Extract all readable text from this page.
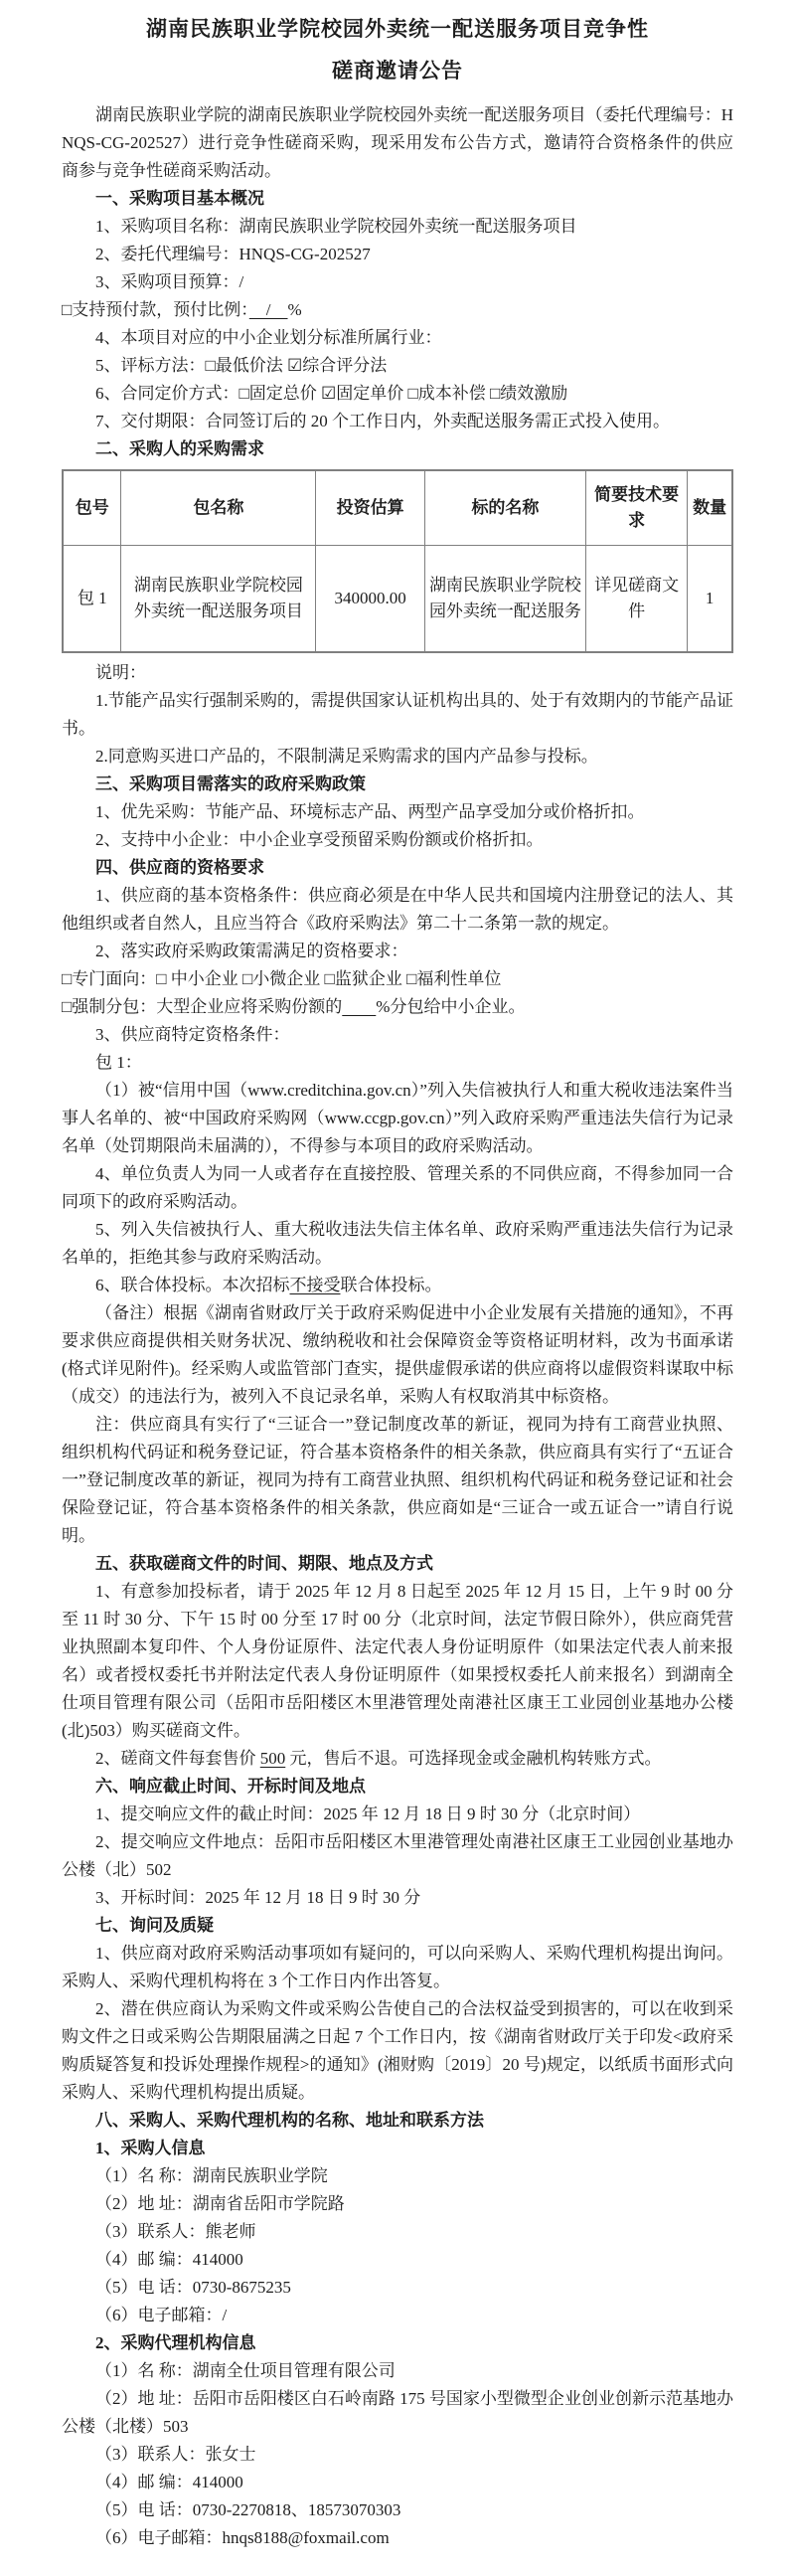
湖南民族职业学院校园外卖统一配送服务项目竞争性
磋商邀请公告

湖南民族职业学院的湖南民族职业学院校园外卖统一配送服务项目（委托代理编号：HNQS-CG-202527）进行竞争性磋商采购，现采用发布公告方式，邀请符合资格条件的供应商参与竞争性磋商采购活动。

一、采购项目基本概况

1、采购项目名称：湖南民族职业学院校园外卖统一配送服务项目

2、委托代理编号：HNQS-CG-202527

3、采购项目预算：/

□支持预付款，预付比例：　/　%

4、本项目对应的中小企业划分标准所属行业：

5、评标方法：□最低价法 ☑综合评分法

6、合同定价方式：□固定总价 ☑固定单价 □成本补偿 □绩效激励

7、交付期限：合同签订后的 20 个工作日内，外卖配送服务需正式投入使用。

二、采购人的采购需求

包号	包名称	投资估算	标的名称	简要技术要求	数量
包 1	湖南民族职业学院校园外卖统一配送服务项目	340000.00	湖南民族职业学院校园外卖统一配送服务	详见磋商文件	1

说明：

1.节能产品实行强制采购的，需提供国家认证机构出具的、处于有效期内的节能产品证书。

2.同意购买进口产品的，不限制满足采购需求的国内产品参与投标。

三、采购项目需落实的政府采购政策

1、优先采购：节能产品、环境标志产品、两型产品享受加分或价格折扣。

2、支持中小企业：中小企业享受预留采购份额或价格折扣。

四、供应商的资格要求

1、供应商的基本资格条件：供应商必须是在中华人民共和国境内注册登记的法人、其他组织或者自然人，且应当符合《政府采购法》第二十二条第一款的规定。

2、落实政府采购政策需满足的资格要求：

□专门面向：□ 中小企业 □小微企业 □监狱企业 □福利性单位

□强制分包：大型企业应将采购份额的　　 %分包给中小企业。

3、供应商特定资格条件：

包 1：

（1）被“信用中国（www.creditchina.gov.cn）”列入失信被执行人和重大税收违法案件当事人名单的、被“中国政府采购网（www.ccgp.gov.cn）”列入政府采购严重违法失信行为记录名单（处罚期限尚未届满的），不得参与本项目的政府采购活动。

4、单位负责人为同一人或者存在直接控股、管理关系的不同供应商，不得参加同一合同项下的政府采购活动。

5、列入失信被执行人、重大税收违法失信主体名单、政府采购严重违法失信行为记录名单的，拒绝其参与政府采购活动。

6、联合体投标。本次招标不接受联合体投标。

（备注）根据《湖南省财政厅关于政府采购促进中小企业发展有关措施的通知》，不再要求供应商提供相关财务状况、缴纳税收和社会保障资金等资格证明材料，改为书面承诺(格式详见附件)。经采购人或监管部门查实，提供虚假承诺的供应商将以虚假资料谋取中标（成交）的违法行为，被列入不良记录名单，采购人有权取消其中标资格。

注：供应商具有实行了“三证合一”登记制度改革的新证，视同为持有工商营业执照、组织机构代码证和税务登记证，符合基本资格条件的相关条款，供应商具有实行了“五证合一”登记制度改革的新证，视同为持有工商营业执照、组织机构代码证和税务登记证和社会保险登记证，符合基本资格条件的相关条款，供应商如是“三证合一或五证合一”请自行说明。

五、获取磋商文件的时间、期限、地点及方式

1、有意参加投标者，请于 2025 年 12 月 8 日起至 2025 年 12 月 15 日，上午 9 时 00 分至 11 时 30 分、下午 15 时 00 分至 17 时 00 分（北京时间，法定节假日除外），供应商凭营业执照副本复印件、个人身份证原件、法定代表人身份证明原件（如果法定代表人前来报名）或者授权委托书并附法定代表人身份证明原件（如果授权委托人前来报名）到湖南全仕项目管理有限公司（岳阳市岳阳楼区木里港管理处南港社区康王工业园创业基地办公楼(北)503）购买磋商文件。

2、磋商文件每套售价 500 元，售后不退。可选择现金或金融机构转账方式。

六、响应截止时间、开标时间及地点

1、提交响应文件的截止时间：2025 年 12 月 18 日 9 时 30 分（北京时间）

2、提交响应文件地点：岳阳市岳阳楼区木里港管理处南港社区康王工业园创业基地办公楼（北）502

3、开标时间：2025 年 12 月 18 日 9 时 30 分

七、询问及质疑

1、供应商对政府采购活动事项如有疑问的，可以向采购人、采购代理机构提出询问。采购人、采购代理机构将在 3 个工作日内作出答复。

2、潜在供应商认为采购文件或采购公告使自己的合法权益受到损害的，可以在收到采购文件之日或采购公告期限届满之日起 7 个工作日内，按《湖南省财政厅关于印发<政府采购质疑答复和投诉处理操作规程>的通知》(湘财购〔2019〕20 号)规定，以纸质书面形式向采购人、采购代理机构提出质疑。

八、采购人、采购代理机构的名称、地址和联系方法

1、采购人信息

（1）名 称：湖南民族职业学院

（2）地 址：湖南省岳阳市学院路

（3）联系人：熊老师

（4）邮 编：414000

（5）电 话：0730-8675235

（6）电子邮箱：/

2、采购代理机构信息

（1）名 称：湖南全仕项目管理有限公司

（2）地 址：岳阳市岳阳楼区白石岭南路 175 号国家小型微型企业创业创新示范基地办公楼（北楼）503

（3）联系人：张女士

（4）邮 编：414000

（5）电 话：0730-2270818、18573070303

（6）电子邮箱：hnqs8188@foxmail.com
